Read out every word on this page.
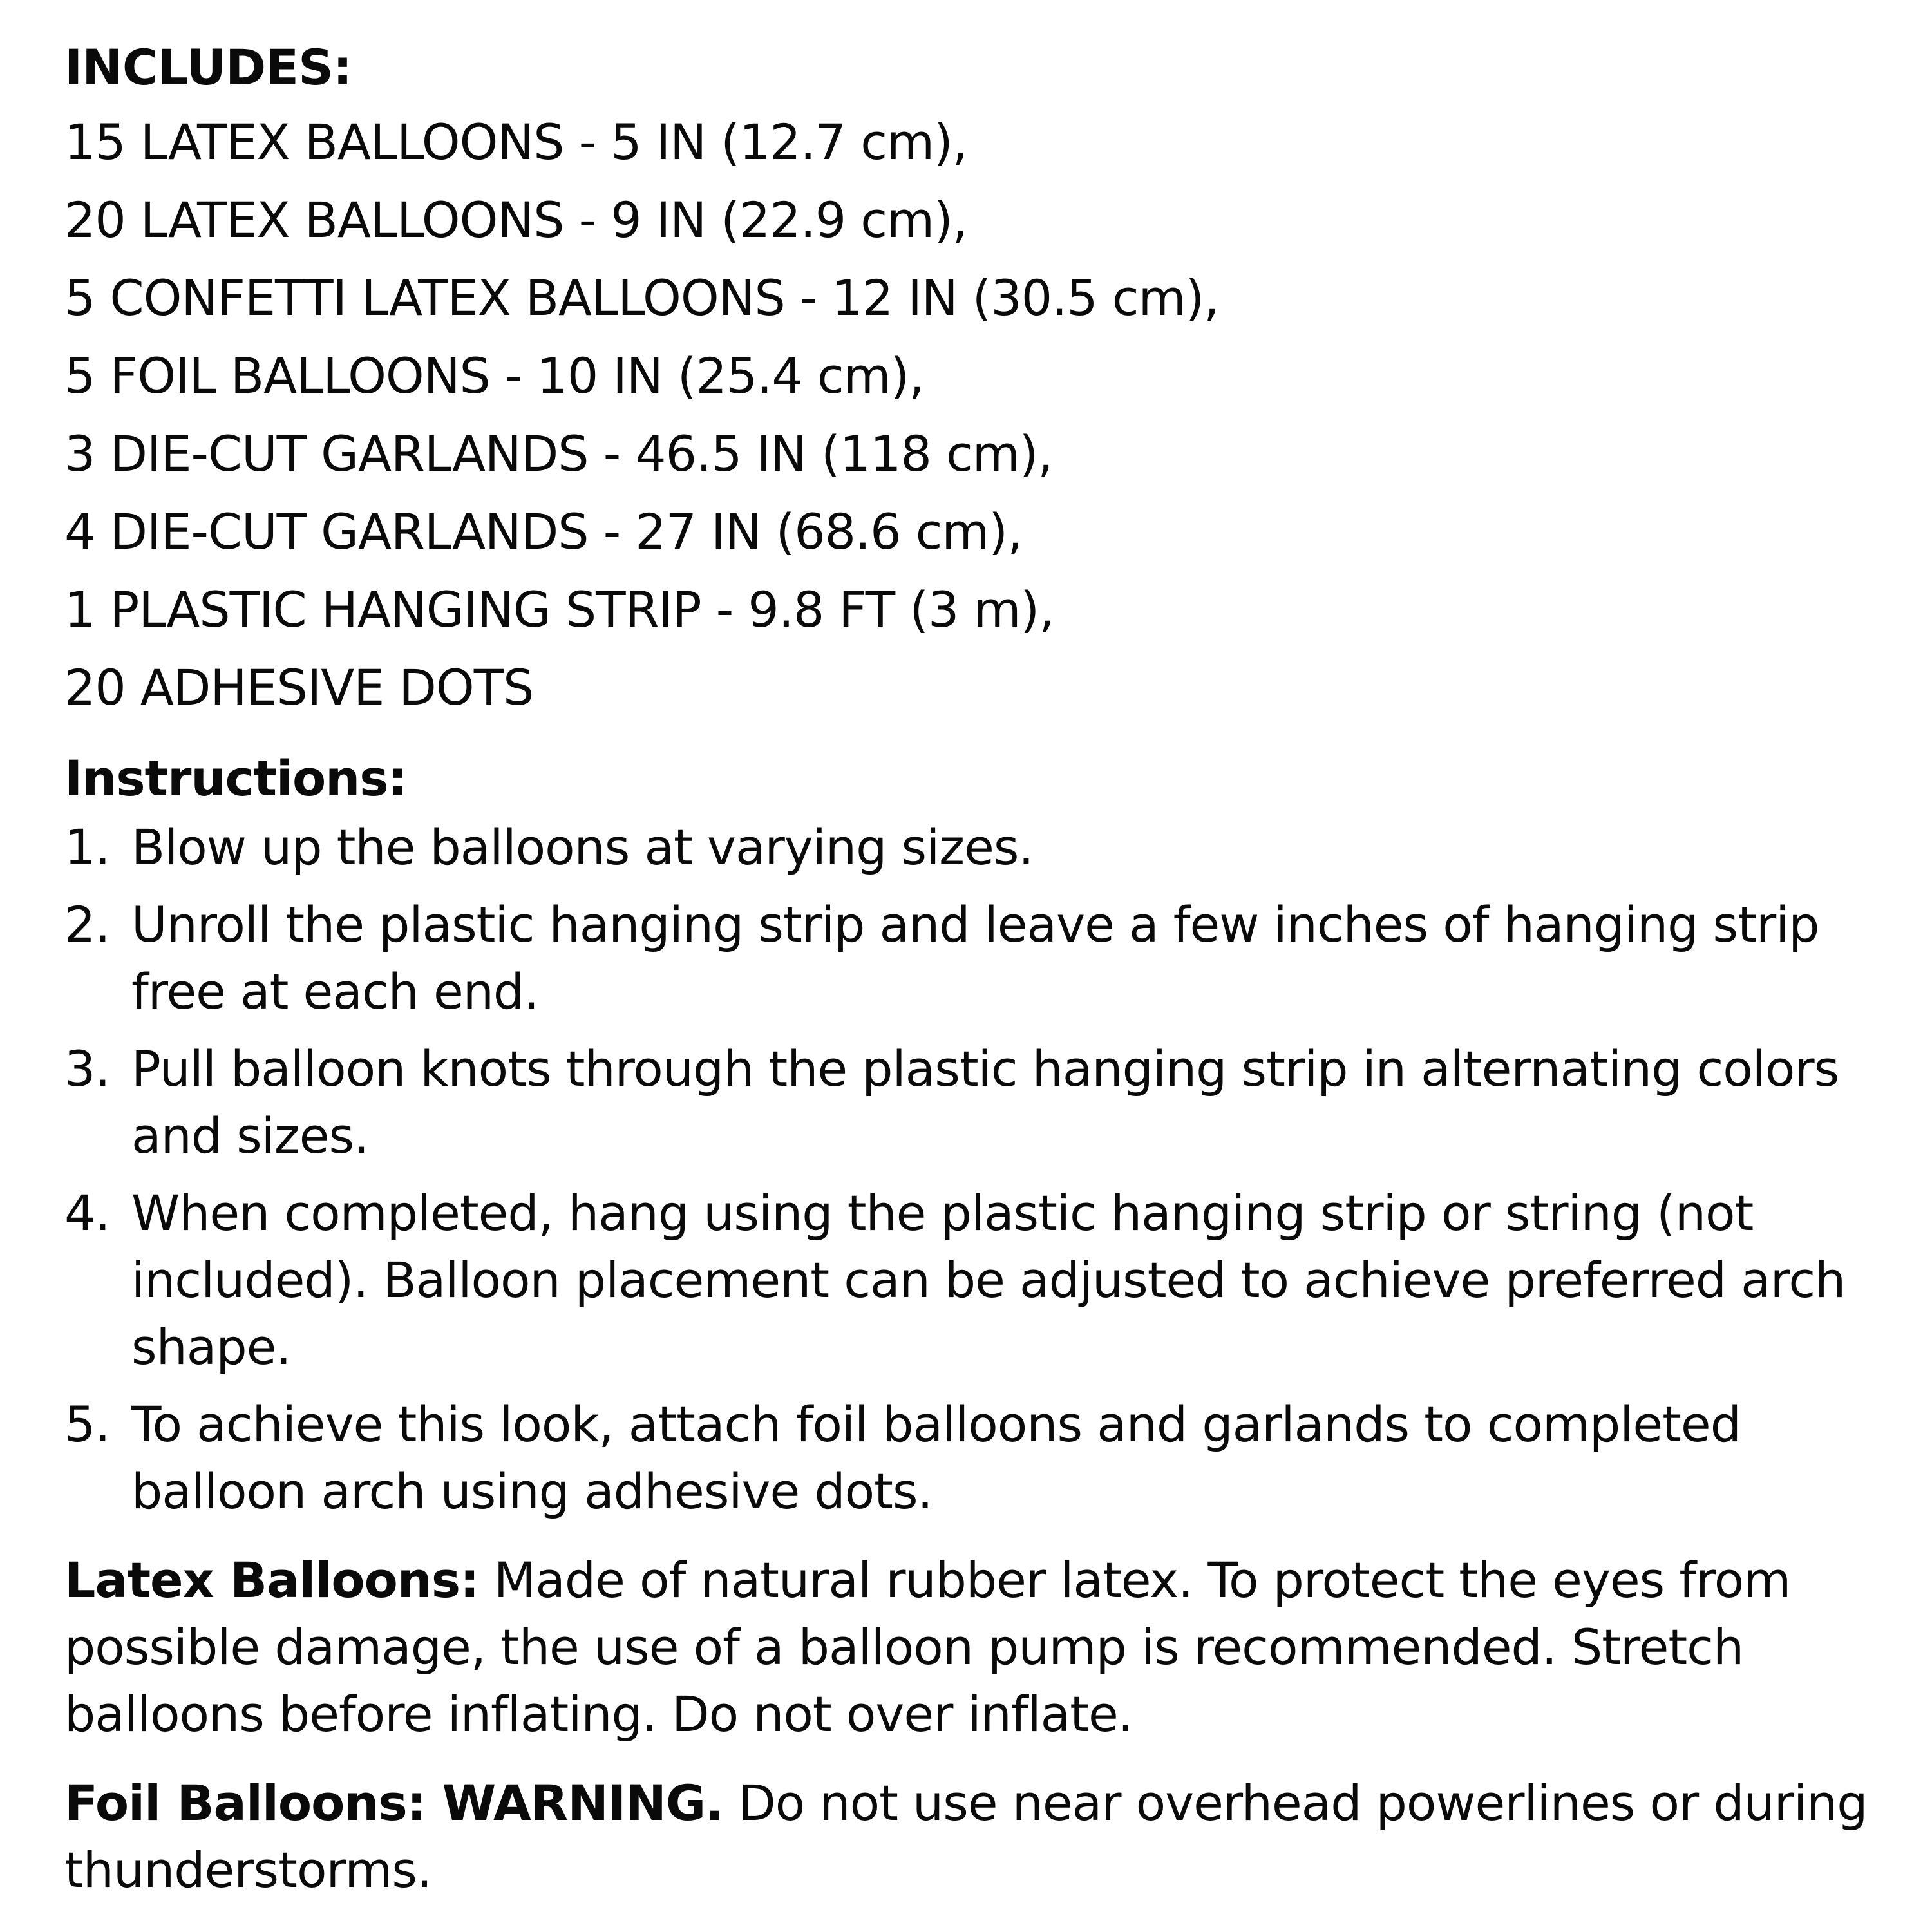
INCLUDES:
15 LATEX BALLOONS - 5 IN (12.7 cm),
20 LATEX BALLOONS - 9 IN (22.9 cm),
5 CONFETTI LATEX BALLOONS - 12 IN (30.5 cm),
5 FOIL BALLOONS - 10 IN (25.4 cm),
3 DIE-CUT GARLANDS - 46.5 IN (118 cm),
4 DIE-CUT GARLANDS - 27 IN (68.6 cm),
1 PLASTIC HANGING STRIP - 9.8 FT (3 m),
20 ADHESIVE DOTS
Instructions:
1. Blow up the balloons at varying sizes.
2. Unroll the plastic hanging strip and leave a few inches of hanging strip free at each end.
3. Pull balloon knots through the plastic hanging strip in alternating colors and sizes.
4. When completed, hang using the plastic hanging strip or string (not included). Balloon placement can be adjusted to achieve preferred arch shape.
5. To achieve this look, attach foil balloons and garlands to completed balloon arch using adhesive dots.

Latex Balloons: Made of natural rubber latex. To protect the eyes from possible damage, the use of a balloon pump is recommended. Stretch balloons before inflating. Do not over inflate.

Foil Balloons: WARNING. Do not use near overhead powerlines or during thunderstorms.
